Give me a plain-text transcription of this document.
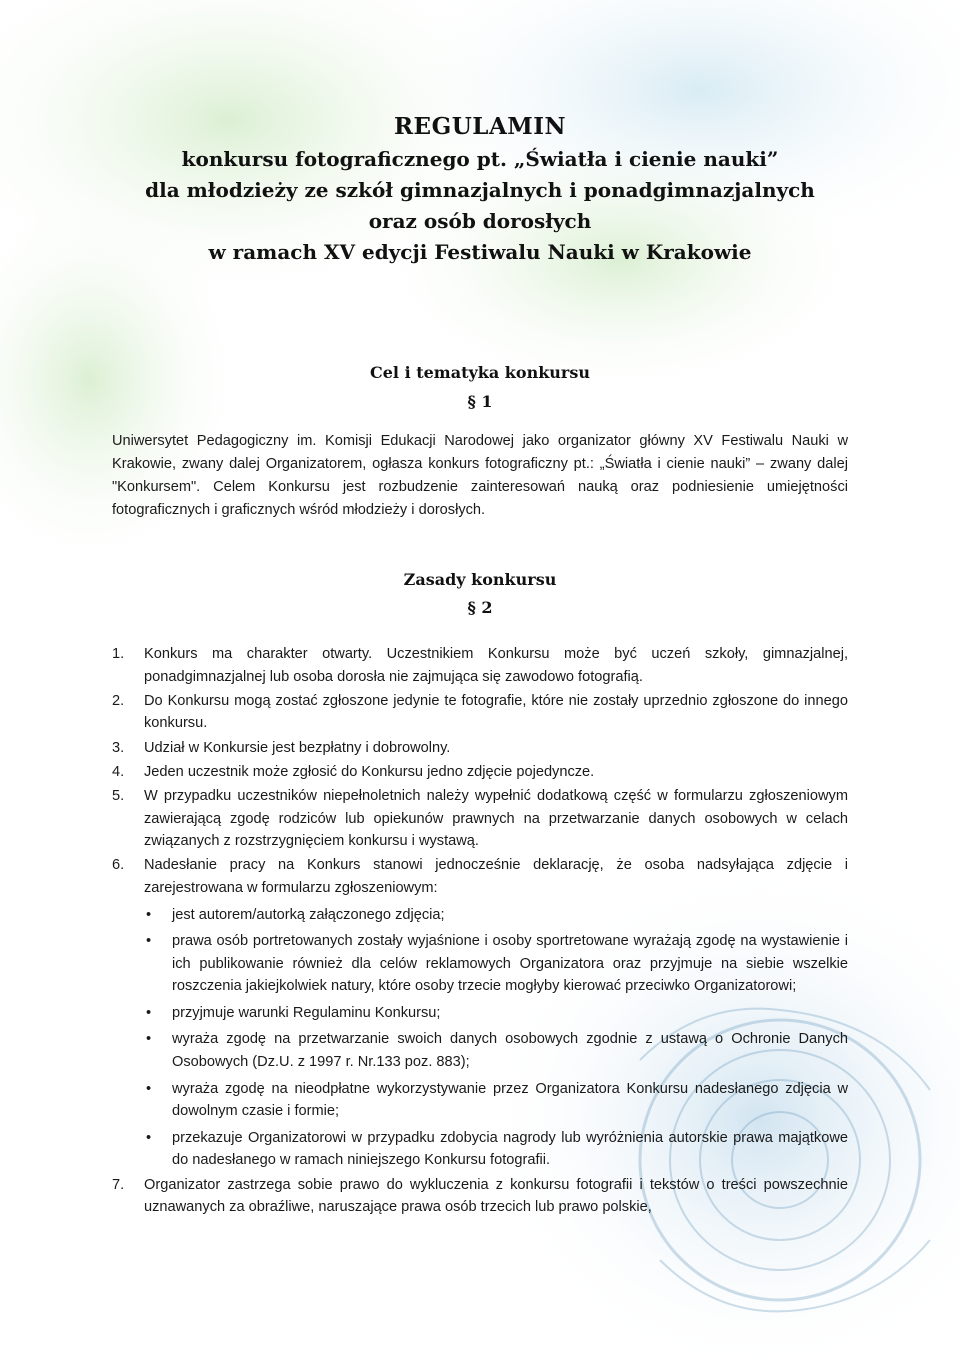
REGULAMIN
konkursu fotograficznego pt. „Światła i cienie nauki”
dla młodzieży ze szkół gimnazjalnych i ponadgimnazjalnych
oraz osób dorosłych
w ramach XV edycji Festiwalu Nauki w Krakowie
Cel i tematyka konkursu
§ 1
Uniwersytet Pedagogiczny im. Komisji Edukacji Narodowej jako organizator główny XV Festiwalu Nauki w Krakowie, zwany dalej Organizatorem, ogłasza konkurs fotograficzny pt.: „Światła i cienie nauki” – zwany dalej "Konkursem". Celem Konkursu jest rozbudzenie zainteresowań nauką oraz podniesienie umiejętności fotograficznych i graficznych wśród młodzieży i dorosłych.
Zasady konkursu
§ 2
1. Konkurs ma charakter otwarty. Uczestnikiem Konkursu może być uczeń szkoły, gimnazjalnej, ponadgimnazjalnej lub osoba dorosła nie zajmująca się zawodowo fotografią.
2. Do Konkursu mogą zostać zgłoszone jedynie te fotografie, które nie zostały uprzednio zgłoszone do innego konkursu.
3. Udział w Konkursie jest bezpłatny i dobrowolny.
4. Jeden uczestnik może zgłosić do Konkursu jedno zdjęcie pojedyncze.
5. W przypadku uczestników niepełnoletnich należy wypełnić dodatkową część w formularzu zgłoszeniowym zawierającą zgodę rodziców lub opiekunów prawnych na przetwarzanie danych osobowych w celach związanych z rozstrzygnięciem konkursu i wystawą.
6. Nadesłanie pracy na Konkurs stanowi jednocześnie deklarację, że osoba nadsyłająca zdjęcie i zarejestrowana w formularzu zgłoszeniowym:
• jest autorem/autorką załączonego zdjęcia;
• prawa osób portretowanych zostały wyjaśnione i osoby sportretowane wyrażają zgodę na wystawienie i ich publikowanie również dla celów reklamowych Organizatora oraz przyjmuje na siebie wszelkie roszczenia jakiejkolwiek natury, które osoby trzecie mogłyby kierować przeciwko Organizatorowi;
• przyjmuje warunki Regulaminu Konkursu;
• wyraża zgodę na przetwarzanie swoich danych osobowych zgodnie z ustawą o Ochronie Danych Osobowych (Dz.U. z 1997 r. Nr.133 poz. 883);
• wyraża zgodę na nieodpłatne wykorzystywanie przez Organizatora Konkursu nadesłanego zdjęcia w dowolnym czasie i formie;
• przekazuje Organizatorowi w przypadku zdobycia nagrody lub wyróżnienia autorskie prawa majątkowe do nadesłanego w ramach niniejszego Konkursu fotografii.
7. Organizator zastrzega sobie prawo do wykluczenia z konkursu fotografii i tekstów o treści powszechnie uznawanych za obraźliwe, naruszające prawa osób trzecich lub prawo polskie,
